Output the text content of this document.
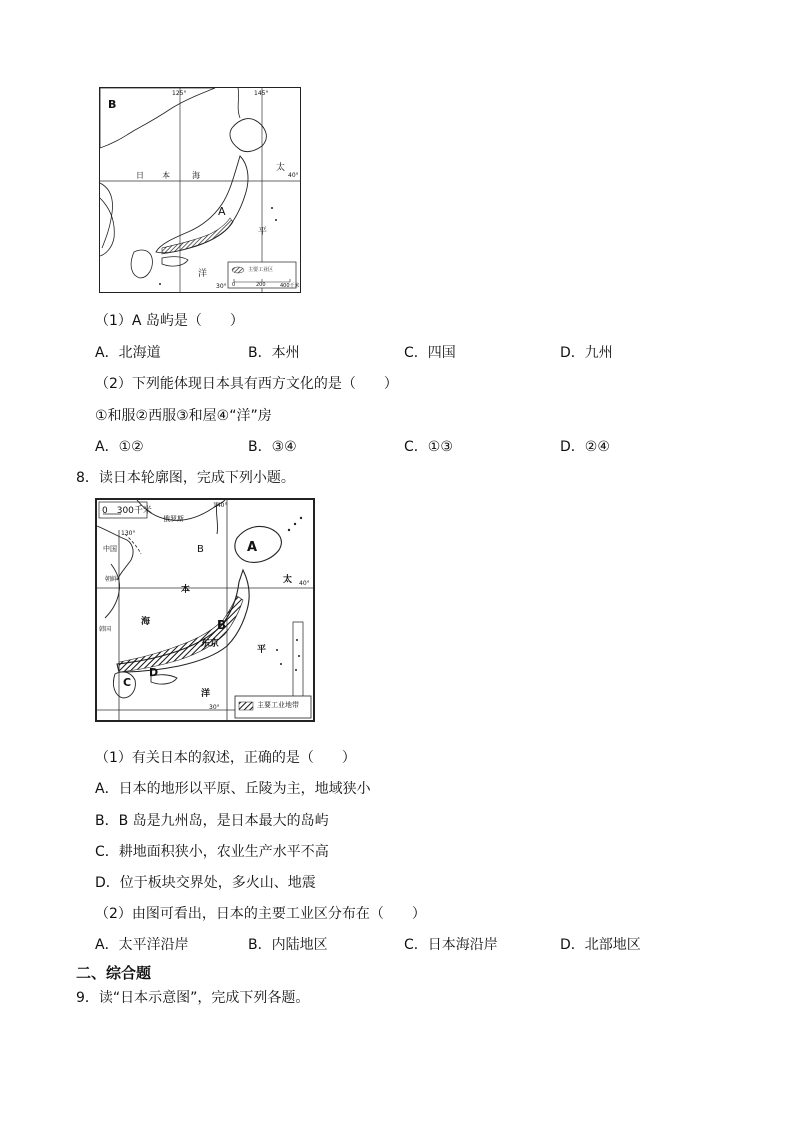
B
A
125°	145°
40°
30°
日 本	海
太
平
洋	主要工业区
0	200	400千米
（1）A 岛屿是（　　）
A．北海道	B．本州	C．四国	D．九州
（2）下列能体现日本具有西方文化的是（　　）
①和服②西服③和屋④“洋”房
A．①②	B．③④	C．①③	D．②④
8．读日本轮廓图，完成下列小题。
0　300千米
俄罗斯
中国
朝鲜
韩国
130°
140°
40°
30°
A
B
B
C
D
东京
本
海
太
平
洋
主要工业地带
（1）有关日本的叙述，正确的是（　　）
A．日本的地形以平原、丘陵为主，地域狭小
B．B 岛是九州岛，是日本最大的岛屿
C．耕地面积狭小，农业生产水平不高
D．位于板块交界处，多火山、地震
（2）由图可看出，日本的主要工业区分布在（　　）
A．太平洋沿岸	B．内陆地区	C．日本海沿岸	D．北部地区
二、综合题
9．读“日本示意图”，完成下列各题。
